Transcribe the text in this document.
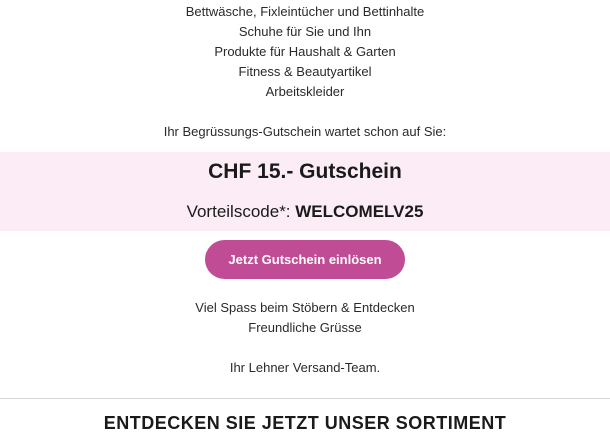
Bettwäsche, Fixleintücher und Bettinhalte
Schuhe für Sie und Ihn
Produkte für Haushalt & Garten
Fitness & Beautyartikel
Arbeitskleider
Ihr Begrüssungs-Gutschein wartet schon auf Sie:
CHF 15.- Gutschein
Vorteilscode*: WELCOMELV25
Jetzt Gutschein einlösen
Viel Spass beim Stöbern & Entdecken
Freundliche Grüsse
Ihr Lehner Versand-Team.
ENTDECKEN SIE JETZT UNSER SORTIMENT
